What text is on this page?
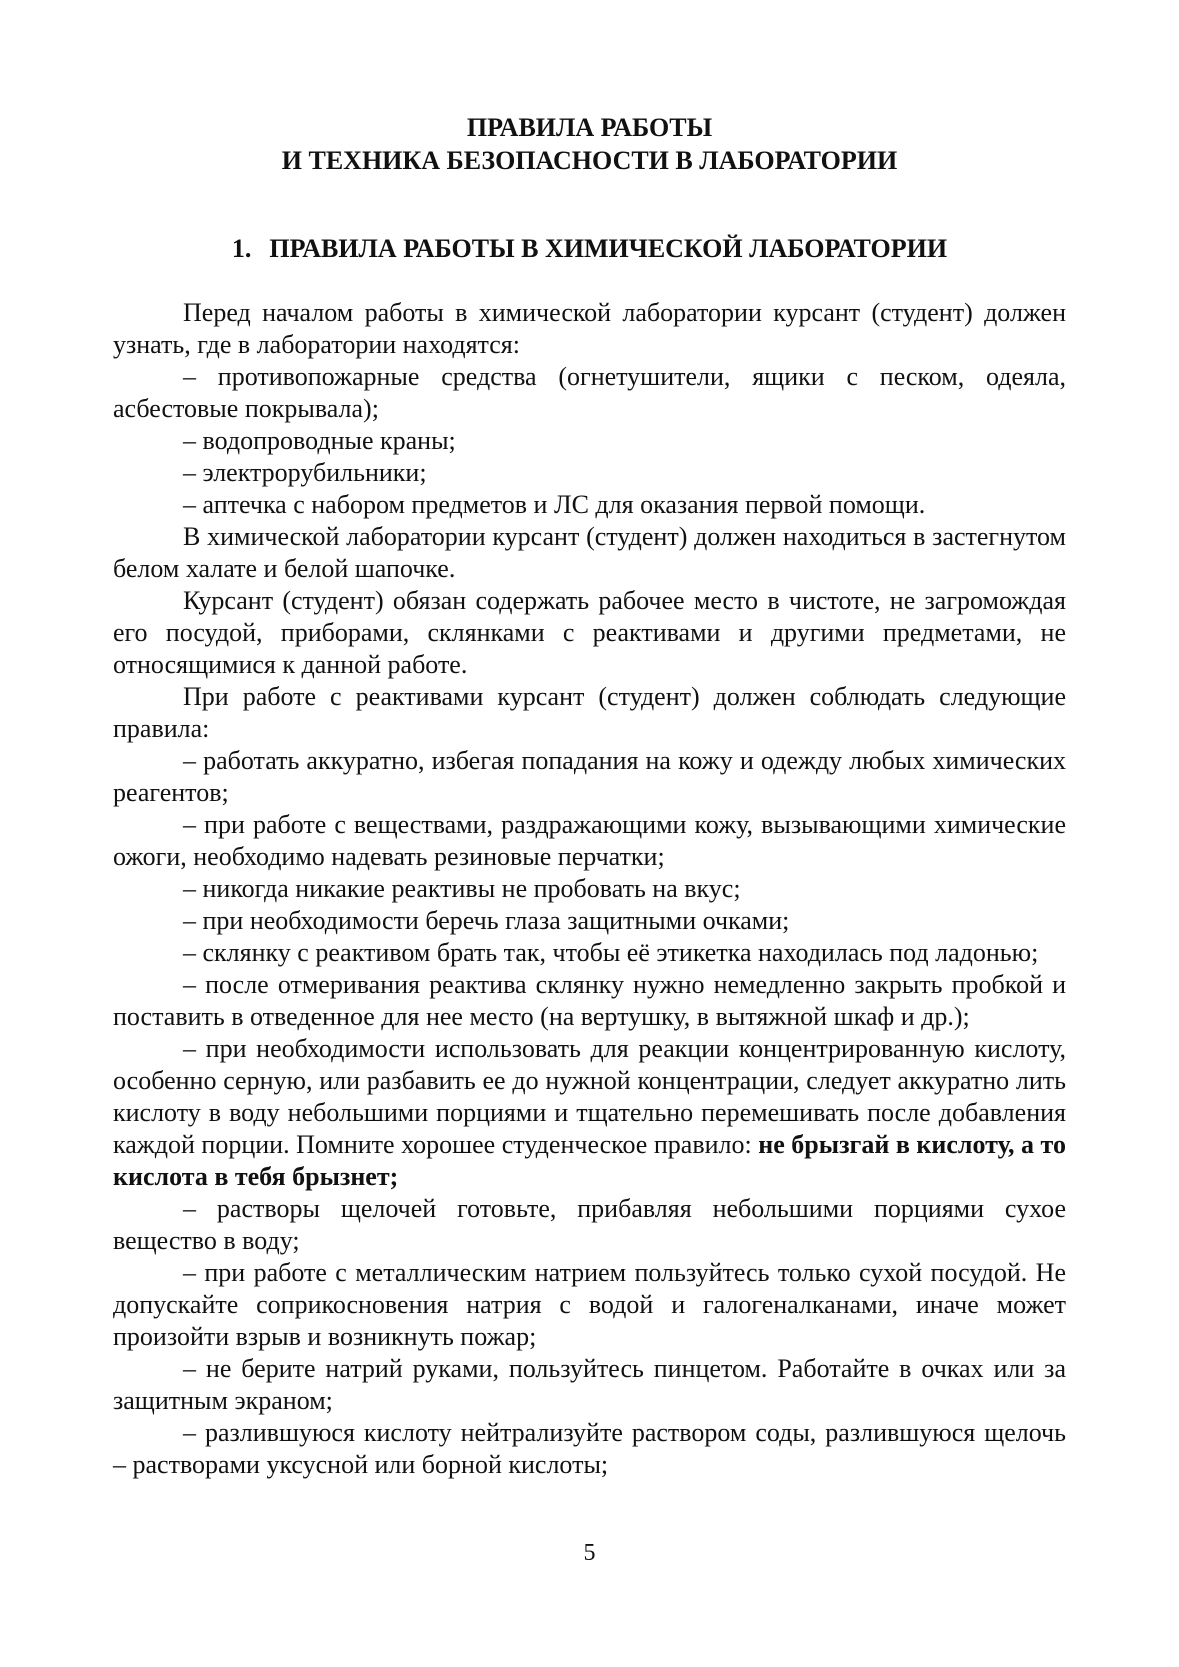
ПРАВИЛА РАБОТЫ
И ТЕХНИКА БЕЗОПАСНОСТИ В ЛАБОРАТОРИИ
1. ПРАВИЛА РАБОТЫ В ХИМИЧЕСКОЙ ЛАБОРАТОРИИ

Перед началом работы в химической лаборатории курсант (студент) должен узнать, где в лаборатории находятся:

– противопожарные средства (огнетушители, ящики с песком, одеяла, асбестовые покрывала);

– водопроводные краны;

– электрорубильники;

– аптечка с набором предметов и ЛС для оказания первой помощи.

В химической лаборатории курсант (студент) должен находиться в застегнутом белом халате и белой шапочке.

Курсант (студент) обязан содержать рабочее место в чистоте, не загромождая его посудой, приборами, склянками с реактивами и другими предметами, не относящимися к данной работе.

При работе с реактивами курсант (студент) должен соблюдать следующие правила:

– работать аккуратно, избегая попадания на кожу и одежду любых химических реагентов;

– при работе с веществами, раздражающими кожу, вызывающими химические ожоги, необходимо надевать резиновые перчатки;

– никогда никакие реактивы не пробовать на вкус;

– при необходимости беречь глаза защитными очками;

– склянку с реактивом брать так, чтобы её этикетка находилась под ладонью;

– после отмеривания реактива склянку нужно немедленно закрыть пробкой и поставить в отведенное для нее место (на вертушку, в вытяжной шкаф и др.);

– при необходимости использовать для реакции концентрированную кислоту, особенно серную, или разбавить ее до нужной концентрации, следует аккуратно лить кислоту в воду небольшими порциями и тщательно перемешивать после добавления каждой порции. Помните хорошее студенческое правило: не брызгай в кислоту, а то кислота в тебя брызнет;

– растворы щелочей готовьте, прибавляя небольшими порциями сухое вещество в воду;

– при работе с металлическим натрием пользуйтесь только сухой посудой. Не допускайте соприкосновения натрия с водой и галогеналканами, иначе может произойти взрыв и возникнуть пожар;

– не берите натрий руками, пользуйтесь пинцетом. Работайте в очках или за защитным экраном;

– разлившуюся кислоту нейтрализуйте раствором соды, разлившуюся щелочь – растворами уксусной или борной кислоты;

5
